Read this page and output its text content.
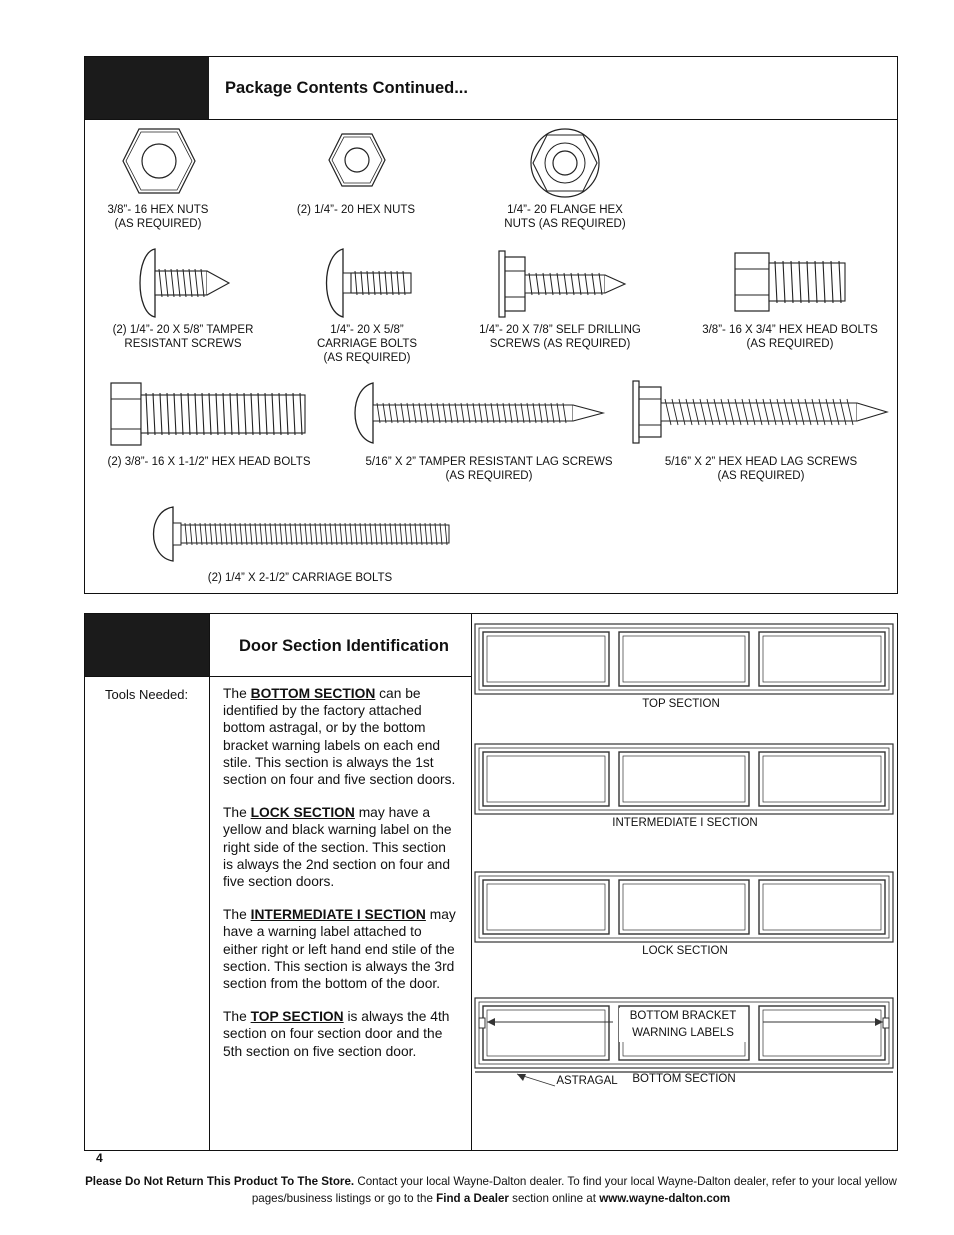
Package Contents Continued...
3/8”- 16 HEX NUTS
(AS REQUIRED)
(2) 1/4”- 20 HEX NUTS	1/4”- 20 FLANGE HEX
NUTS (AS REQUIRED)
(2) 1/4”- 20 X 5/8” TAMPER
RESISTANT SCREWS
1/4”- 20 X 5/8”
CARRIAGE BOLTS
(AS REQUIRED)
1/4”- 20 X 7/8” SELF DRILLING
SCREWS (AS REQUIRED)
3/8”- 16 X 3/4” HEX HEAD BOLTS
(AS REQUIRED)
(2) 3/8”- 16 X 1-1/2” HEX HEAD BOLTS	5/16” X 2” TAMPER RESISTANT LAG SCREWS
(AS REQUIRED)
5/16” X 2” HEX HEAD LAG SCREWS
(AS REQUIRED)
(2) 1/4” X 2-1/2” CARRIAGE BOLTS
Door Section Identification
Tools Needed:	The BOTTOM SECTION can be identified by the factory attached bottom astragal, or by the bottom bracket warning labels on each end stile. This section is always the 1st section on four and five section doors.

The LOCK SECTION may have a yellow and black warning label on the right side of the section. This section is always the 2nd section on four and five section doors.

The INTERMEDIATE I SECTION may have a warning label attached to either right or left hand end stile of the section. This section is always the 3rd section from the bottom of the door.

The TOP SECTION is always the 4th section on four section door and the 5th section on five section door.

TOP SECTION
INTERMEDIATE I SECTION
LOCK SECTION
BOTTOM BRACKET
WARNING LABELS
ASTRAGAL	BOTTOM SECTION
4
Please Do Not Return This Product To The Store. Contact your local Wayne-Dalton dealer. To find your local Wayne-Dalton dealer, refer to your local yellow pages/business listings or go to the Find a Dealer section online at www.wayne-dalton.com
